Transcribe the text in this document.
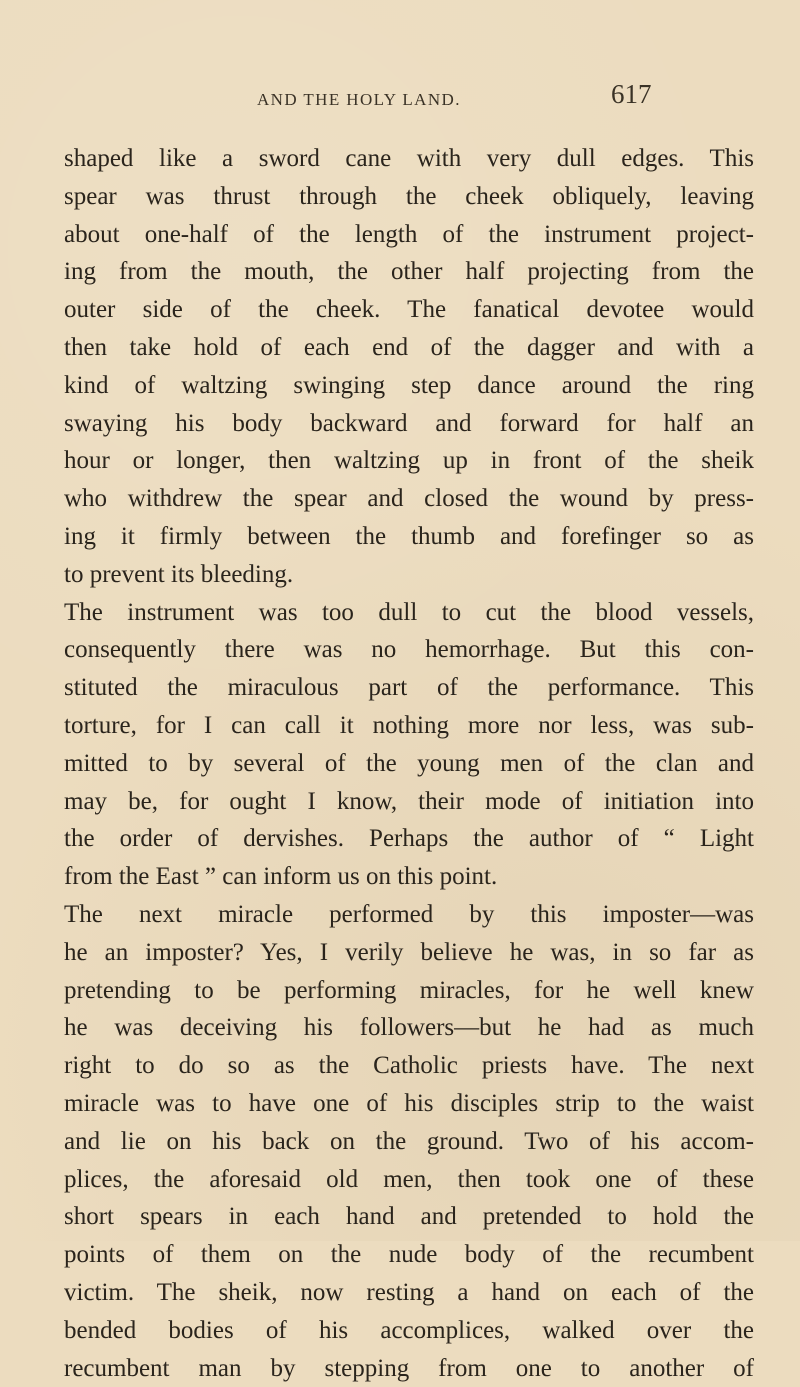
AND THE HOLY LAND.	617
shaped like a sword cane with very dull edges. This
spear was thrust through the cheek obliquely, leaving
about one-half of the length of the instrument project-
ing from the mouth, the other half projecting from the
outer side of the cheek. The fanatical devotee would
then take hold of each end of the dagger and with a
kind of waltzing swinging step dance around the ring
swaying his body backward and forward for half an
hour or longer, then waltzing up in front of the sheik
who withdrew the spear and closed the wound by press-
ing it firmly between the thumb and forefinger so as
to prevent its bleeding.
The instrument was too dull to cut the blood vessels,
consequently there was no hemorrhage. But this con-
stituted the miraculous part of the performance. This
torture, for I can call it nothing more nor less, was sub-
mitted to by several of the young men of the clan and
may be, for ought I know, their mode of initiation into
the order of dervishes. Perhaps the author of “ Light
from the East ” can inform us on this point.
The next miracle performed by this imposter—was
he an imposter? Yes, I verily believe he was, in so far as
pretending to be performing miracles, for he well knew
he was deceiving his followers—but he had as much
right to do so as the Catholic priests have. The next
miracle was to have one of his disciples strip to the waist
and lie on his back on the ground. Two of his accom-
plices, the aforesaid old men, then took one of these
short spears in each hand and pretended to hold the
points of them on the nude body of the recumbent
victim. The sheik, now resting a hand on each of the
bended bodies of his accomplices, walked over the
recumbent man by stepping from one to another of
